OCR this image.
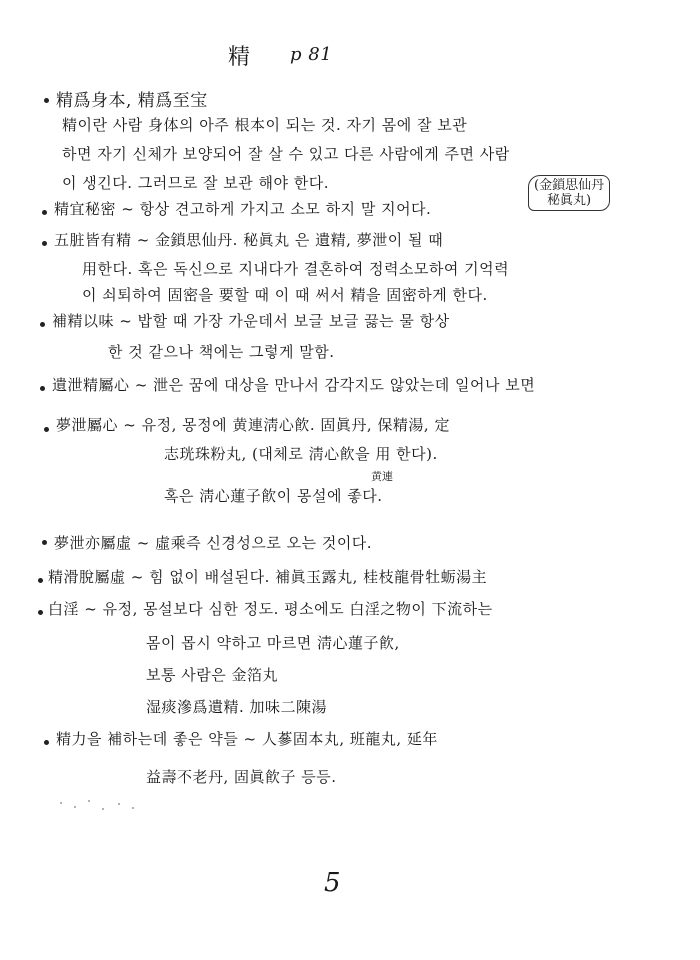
精 p 81
精爲身本, 精爲至宝
精이란 사람 身体의 아주 根本이 되는 것. 자기 몸에 잘 보관
하면 자기 신체가 보양되어 잘 살 수 있고 다른 사람에게 주면 사람
이 생긴다. 그러므로 잘 보관 해야 한다.
精宜秘密 ~ 항상 견고하게 가지고 소모 하지 말 지어다.
(金鎖思仙丹
秘眞丸)
五脏皆有精 ~ 金鎖思仙丹. 秘眞丸 은 遺精, 夢泄이 될 때
用한다. 혹은 독신으로 지내다가 결혼하여 정력소모하여 기억력
이 쇠퇴하여 固密을 要할 때 이 때 써서 精을 固密하게 한다.
補精以味 ~ 밥할 때 가장 가운데서 보글 보글 끓는 물 항상
한 것 같으나 책에는 그렇게 말함.
遺泄精屬心 ~ 泄은 꿈에 대상을 만나서 감각지도 않았는데 일어나 보면
夢泄屬心 ~ 유정, 몽정에 黄連淸心飮. 固眞丹, 保精湯, 定
志珖珠粉丸, (대체로 淸心飮을 用 한다).
黄連
혹은 淸心蓮子飮이 몽설에 좋다.
夢泄亦屬虛 ~ 虛乘즉 신경성으로 오는 것이다.
精滑脫屬虛 ~ 힘 없이 배설된다. 補眞玉露丸, 桂枝龍骨牡蛎湯主
白淫 ~ 유정, 몽설보다 심한 정도. 평소에도 白淫之物이 下流하는
몸이 몹시 약하고 마르면 淸心蓮子飮,
보통 사람은 金箔丸
湿痰滲爲遺精. 加味二陳湯
精力을 補하는데 좋은 약들 ~ 人蔘固本丸, 班龍丸, 延年
益壽不老丹, 固眞飮子 등등.
5
